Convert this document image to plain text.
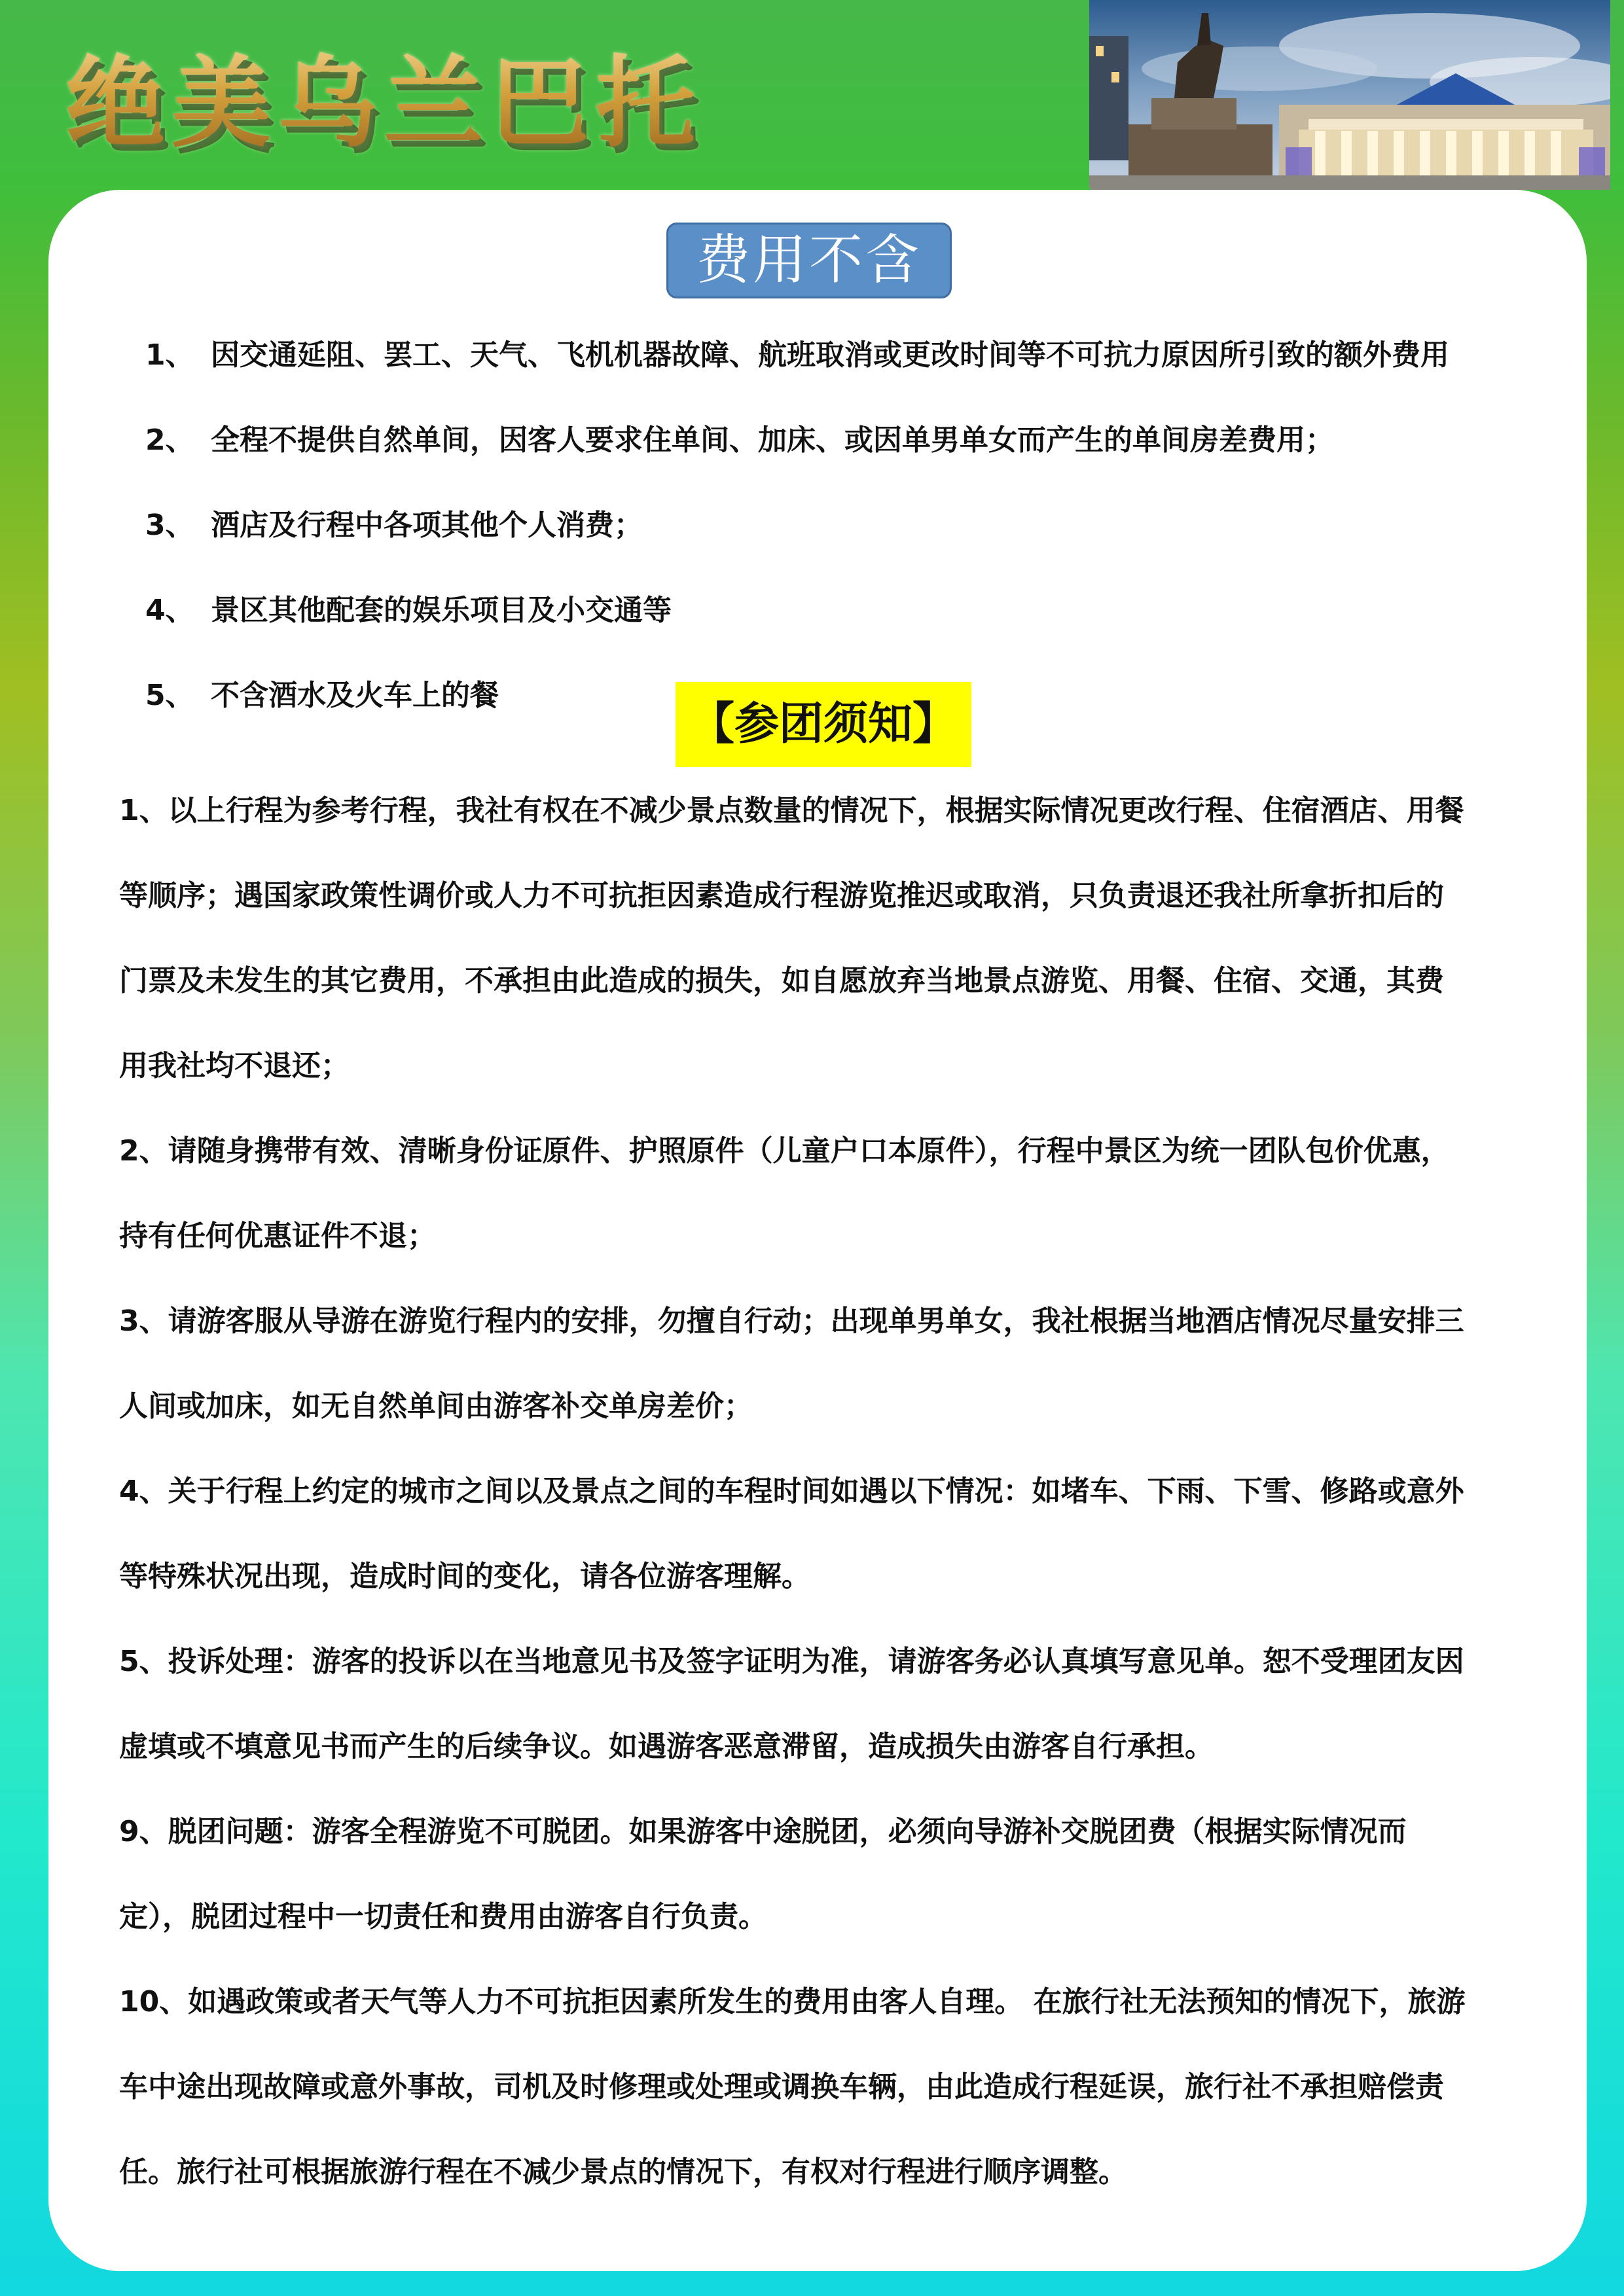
绝美乌兰巴托
费用不含
1、 因交通延阻、罢工、天气、飞机机器故障、航班取消或更改时间等不可抗力原因所引致的额外费用
2、 全程不提供自然单间，因客人要求住单间、加床、或因单男单女而产生的单间房差费用；
3、 酒店及行程中各项其他个人消费；
4、 景区其他配套的娱乐项目及小交通等
5、 不含酒水及火车上的餐
【参团须知】
1、以上行程为参考行程，我社有权在不减少景点数量的情况下，根据实际情况更改行程、住宿酒店、用餐
等顺序；遇国家政策性调价或人力不可抗拒因素造成行程游览推迟或取消，只负责退还我社所拿折扣后的
门票及未发生的其它费用，不承担由此造成的损失，如自愿放弃当地景点游览、用餐、住宿、交通，其费
用我社均不退还；
2、请随身携带有效、清晰身份证原件、护照原件（儿童户口本原件），行程中景区为统一团队包价优惠，
持有任何优惠证件不退；
3、请游客服从导游在游览行程内的安排，勿擅自行动；出现单男单女，我社根据当地酒店情况尽量安排三
人间或加床，如无自然单间由游客补交单房差价；
4、关于行程上约定的城市之间以及景点之间的车程时间如遇以下情况：如堵车、下雨、下雪、修路或意外
等特殊状况出现，造成时间的变化，请各位游客理解。
5、投诉处理：游客的投诉以在当地意见书及签字证明为准，请游客务必认真填写意见单。恕不受理团友因
虚填或不填意见书而产生的后续争议。如遇游客恶意滞留，造成损失由游客自行承担。
9、脱团问题：游客全程游览不可脱团。如果游客中途脱团，必须向导游补交脱团费（根据实际情况而
定），脱团过程中一切责任和费用由游客自行负责。
10、如遇政策或者天气等人力不可抗拒因素所发生的费用由客人自理。 在旅行社无法预知的情况下，旅游
车中途出现故障或意外事故，司机及时修理或处理或调换车辆，由此造成行程延误，旅行社不承担赔偿责
任。旅行社可根据旅游行程在不减少景点的情况下，有权对行程进行顺序调整。
